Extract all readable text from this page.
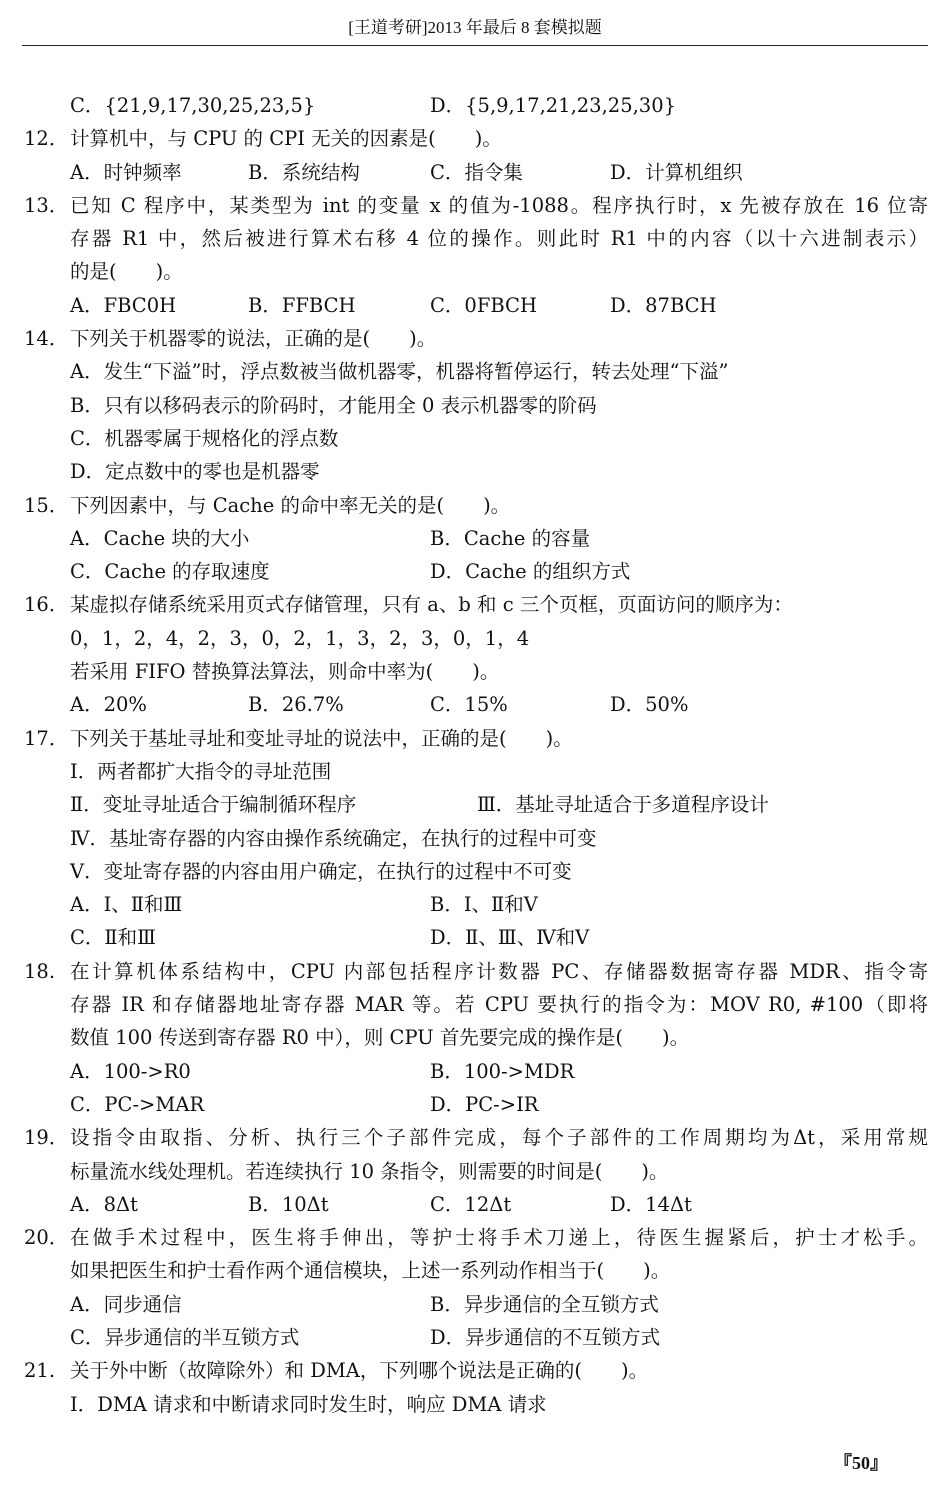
[王道考研]2013 年最后 8 套模拟题
C．{21,9,17,30,25,23,5}	D．{5,9,17,21,23,25,30}
12． 计算机中，与 CPU 的 CPI 无关的因素是(　　)。
A．时钟频率	B．系统结构	C．指令集	D．计算机组织
13． 已知 C 程序中，某类型为 int 的变量 x 的值为-1088。程序执行时，x 先被存放在 16 位寄
存器 R1 中，然后被进行算术右移 4 位的操作。则此时 R1 中的内容（以十六进制表示）
的是(　　)。
A．FBC0H	B．FFBCH	C．0FBCH	D．87BCH
14． 下列关于机器零的说法，正确的是(　　)。
A．发生“下溢”时，浮点数被当做机器零，机器将暂停运行，转去处理“下溢”
B．只有以移码表示的阶码时，才能用全 0 表示机器零的阶码
C．机器零属于规格化的浮点数
D．定点数中的零也是机器零
15． 下列因素中，与 Cache 的命中率无关的是(　　)。
A．Cache 块的大小	B．Cache 的容量
C．Cache 的存取速度	D．Cache 的组织方式
16． 某虚拟存储系统采用页式存储管理，只有 a、b 和 c 三个页框，页面访问的顺序为：
0，1，2，4，2，3，0，2，1，3，2，3，0，1，4
若采用 FIFO 替换算法算法，则命中率为(　　)。
A．20%	B．26.7%	C．15%	D．50%
17． 下列关于基址寻址和变址寻址的说法中，正确的是(　　)。
Ⅰ．两者都扩大指令的寻址范围
Ⅱ．变址寻址适合于编制循环程序	Ⅲ．基址寻址适合于多道程序设计
Ⅳ．基址寄存器的内容由操作系统确定，在执行的过程中可变
Ⅴ．变址寄存器的内容由用户确定，在执行的过程中不可变
A．Ⅰ、Ⅱ和Ⅲ	B．Ⅰ、Ⅱ和Ⅴ
C．Ⅱ和Ⅲ	D．Ⅱ、Ⅲ、Ⅳ和Ⅴ
18. 在计算机体系结构中，CPU 内部包括程序计数器 PC、存储器数据寄存器 MDR、指令寄
存器 IR 和存储器地址寄存器 MAR 等。若 CPU 要执行的指令为：MOV R0, #100（即将
数值 100 传送到寄存器 R0 中），则 CPU 首先要完成的操作是(　　)。
A．100->R0	B．100->MDR
C．PC->MAR	D．PC->IR
19． 设指令由取指、分析、执行三个子部件完成，每个子部件的工作周期均为Δt，采用常规
标量流水线处理机。若连续执行 10 条指令，则需要的时间是(　　)。
A．8Δt	B．10Δt	C．12Δt	D．14Δt
20． 在做手术过程中，医生将手伸出，等护士将手术刀递上，待医生握紧后，护士才松手。
如果把医生和护士看作两个通信模块，上述一系列动作相当于(　　)。
A．同步通信	B．异步通信的全互锁方式
C．异步通信的半互锁方式	D．异步通信的不互锁方式
21. 关于外中断（故障除外）和 DMA，下列哪个说法是正确的(　　)。
Ⅰ．DMA 请求和中断请求同时发生时，响应 DMA 请求
『50』
